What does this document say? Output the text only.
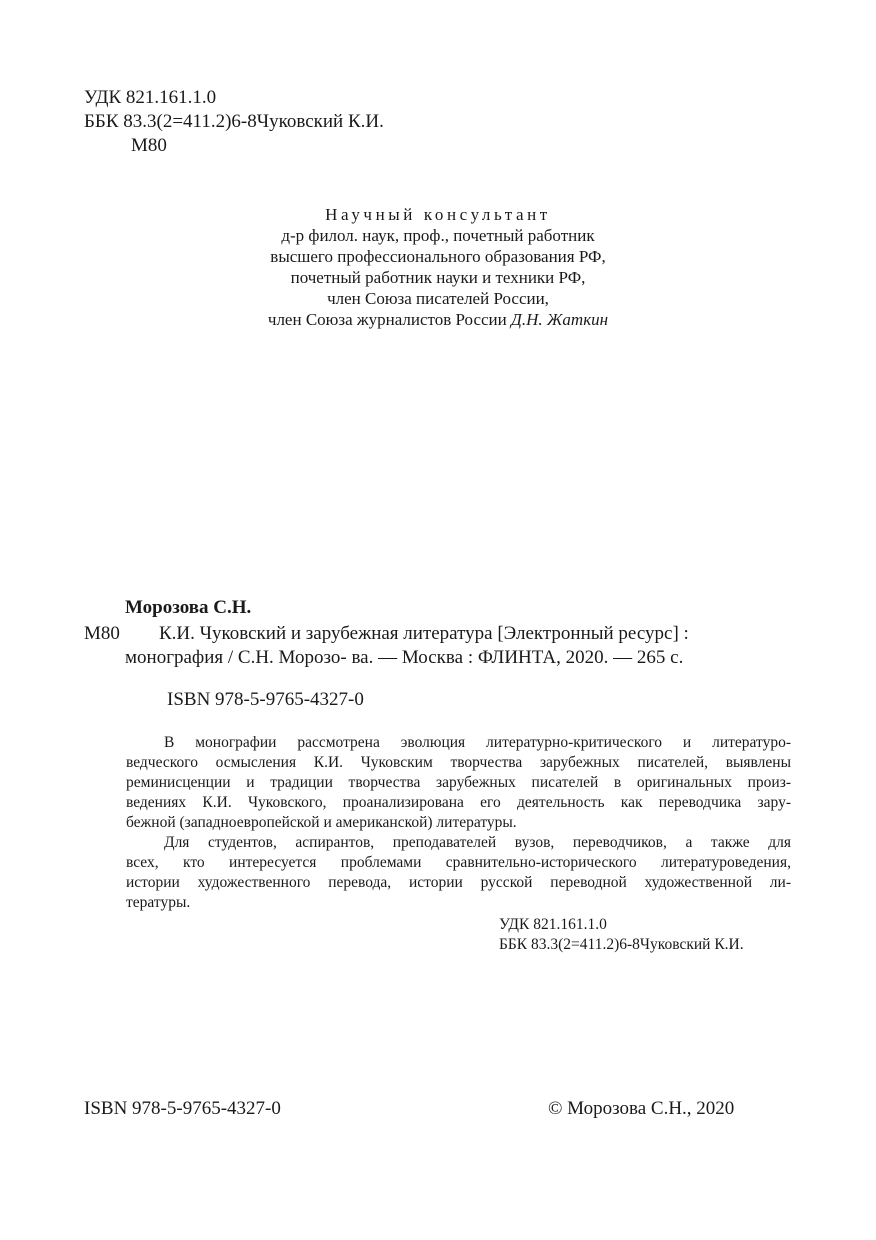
УДК 821.161.1.0
ББК 83.3(2=411.2)6-8Чуковский К.И.
М80
Научный консультант
д-р филол. наук, проф., почетный работник
высшего профессионального образования РФ,
почетный работник науки и техники РФ,
член Союза писателей России,
член Союза журналистов России Д.Н. Жаткин
Морозова С.Н.
М80 К.И. Чуковский и зарубежная литература [Электронный ресурс] :
монография / С.Н. Морозо- ва. — Москва : ФЛИНТА, 2020. — 265 с.
ISBN 978-5-9765-4327-0
В монографии рассмотрена эволюция литературно-критического и литературо-
ведческого осмысления К.И. Чуковским творчества зарубежных писателей, выявлены
реминисценции и традиции творчества зарубежных писателей в оригинальных произ-
ведениях К.И. Чуковского, проанализирована его деятельность как переводчика зару-
бежной (западноевропейской и американской) литературы.
Для студентов, аспирантов, преподавателей вузов, переводчиков, а также для
всех, кто интересуется проблемами сравнительно-исторического литературоведения,
истории художественного перевода, истории русской переводной художественной ли-
тературы.
УДК 821.161.1.0
ББК 83.3(2=411.2)6-8Чуковский К.И.
ISBN 978-5-9765-4327-0	© Морозова С.Н., 2020
